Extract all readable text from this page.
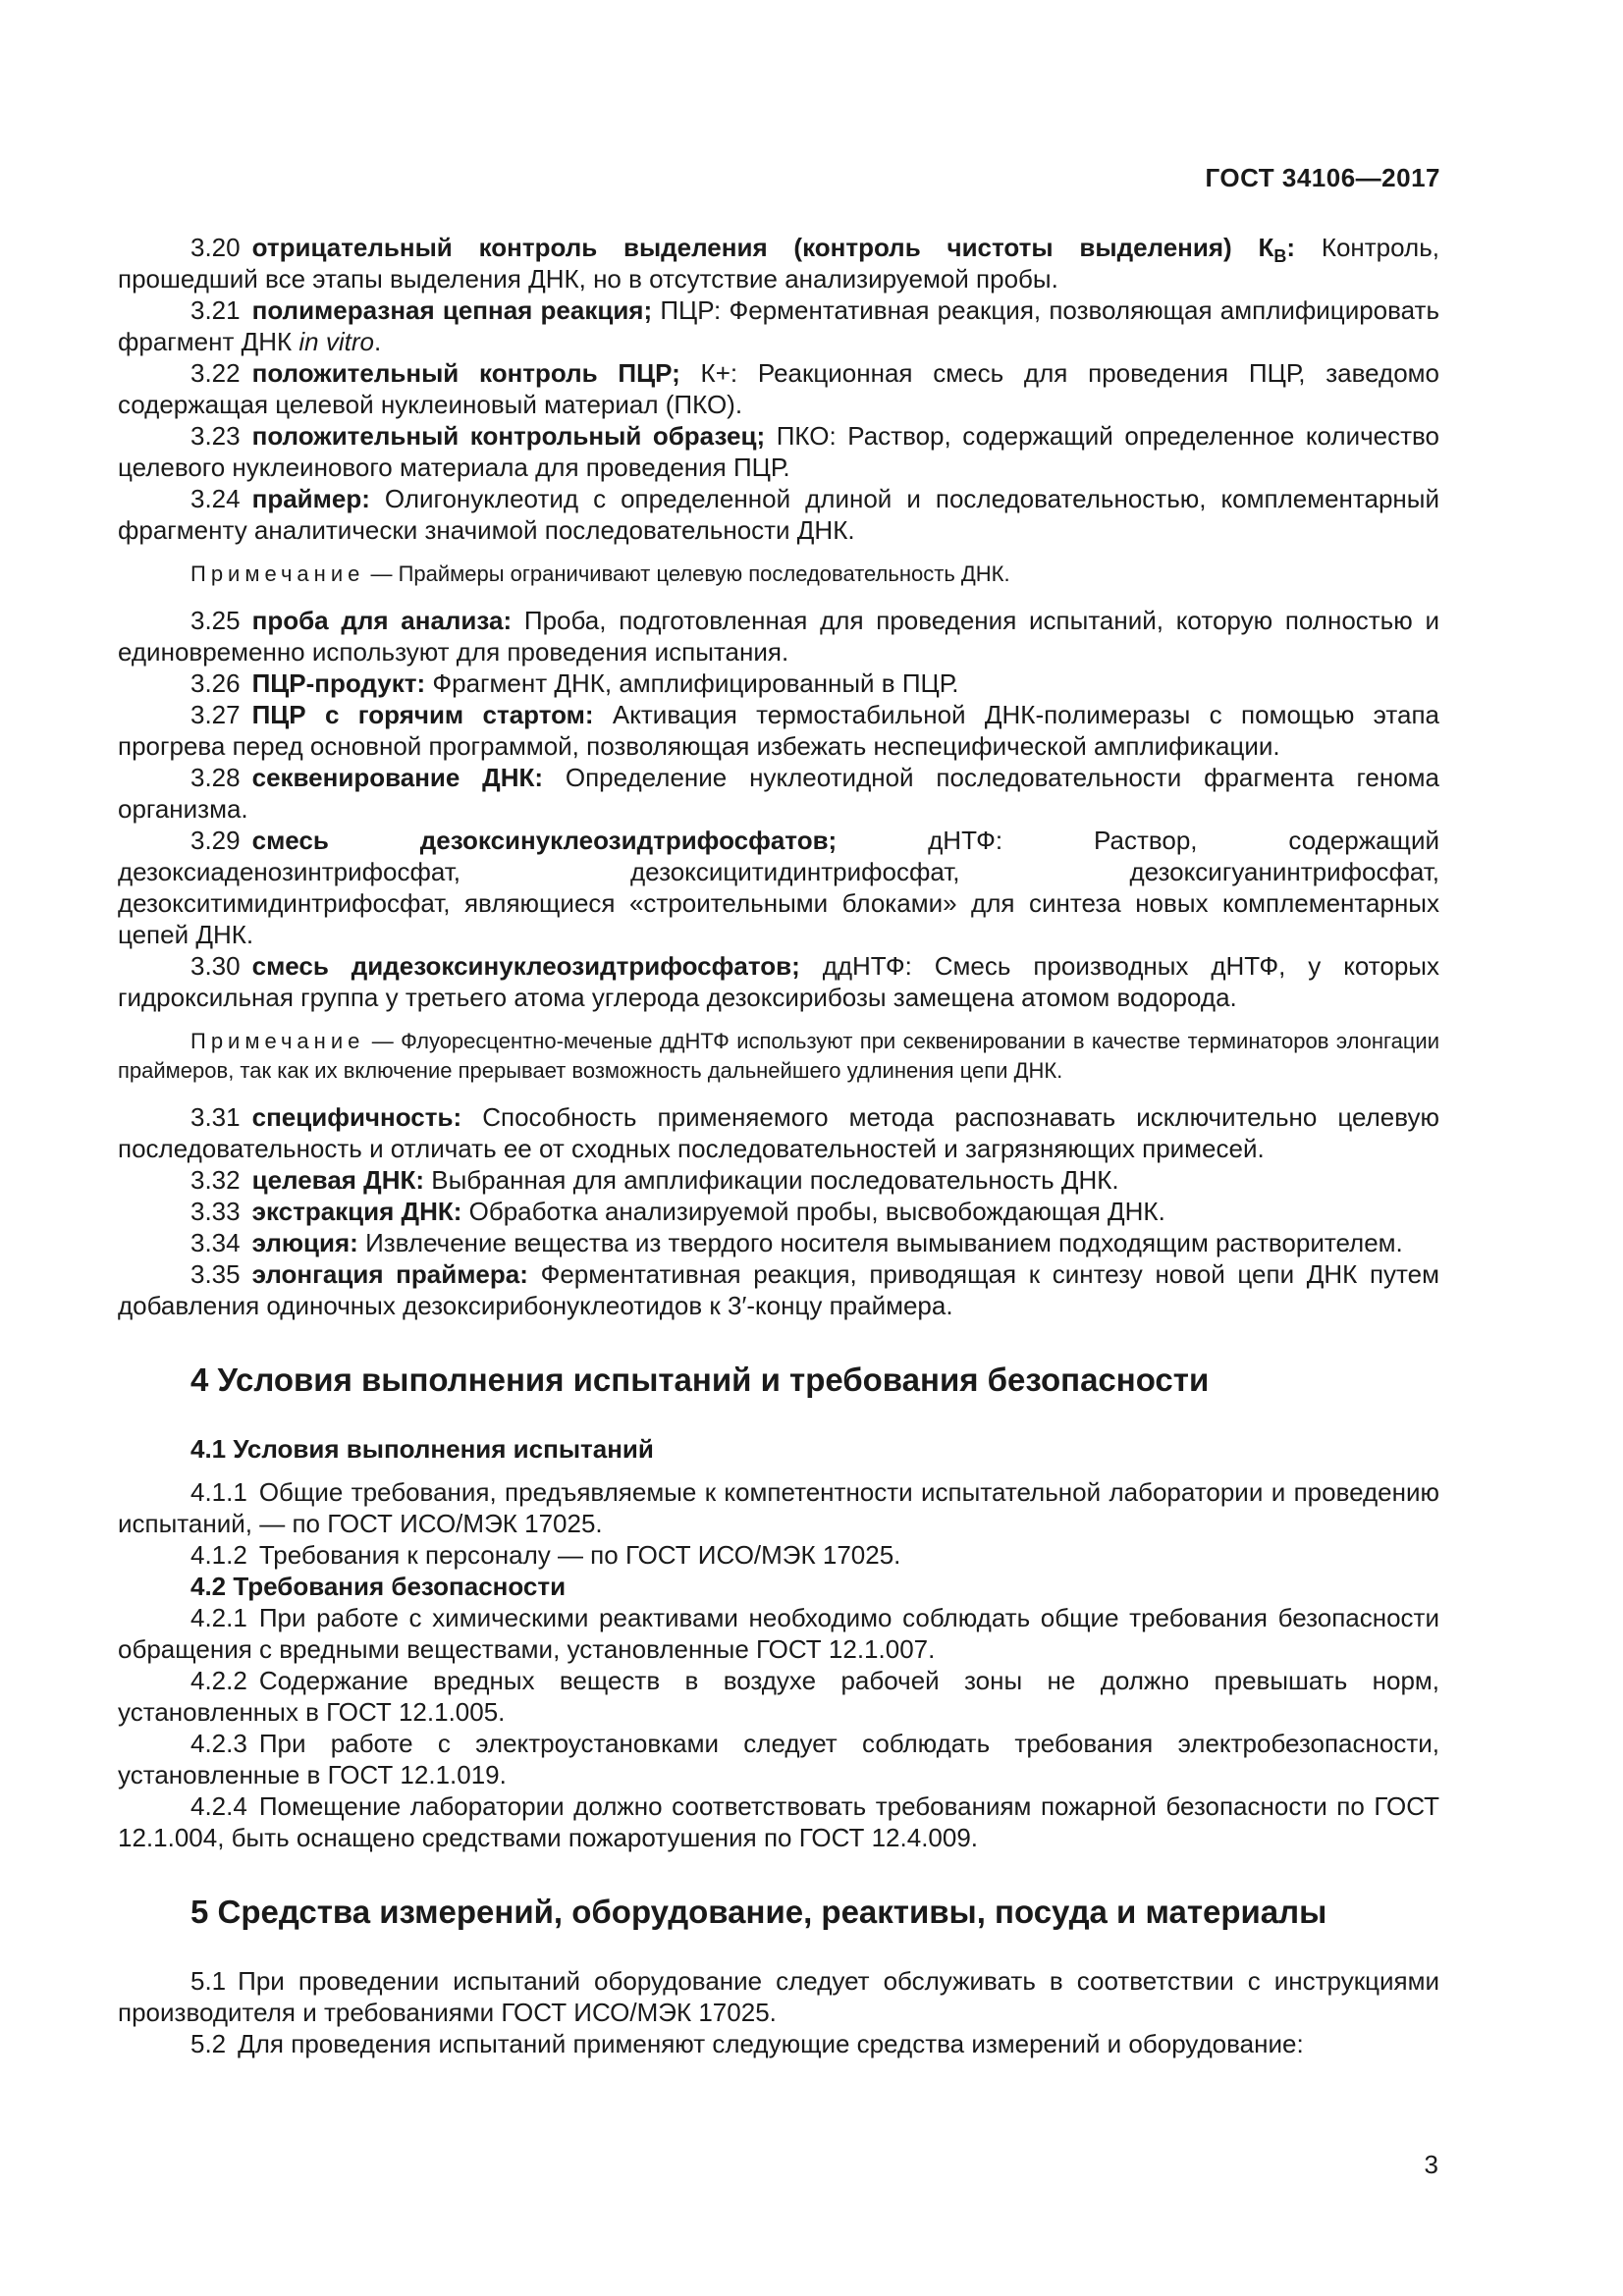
ГОСТ 34106—2017

3.20 отрицательный контроль выделения (контроль чистоты выделения) $К_В$: Контроль, прошедший все этапы выделения ДНК, но в отсутствие анализируемой пробы.

3.21 полимеразная цепная реакция; ПЦР: Ферментативная реакция, позволяющая амплифицировать фрагмент ДНК in vitro.

3.22 положительный контроль ПЦР; К+: Реакционная смесь для проведения ПЦР, заведомо содержащая целевой нуклеиновый материал (ПКО).

3.23 положительный контрольный образец; ПКО: Раствор, содержащий определенное количество целевого нуклеинового материала для проведения ПЦР.

3.24 праймер: Олигонуклеотид с определенной длиной и последовательностью, комплементарный фрагменту аналитически значимой последовательности ДНК.

Примечание — Праймеры ограничивают целевую последовательность ДНК.

3.25 проба для анализа: Проба, подготовленная для проведения испытаний, которую полностью и единовременно используют для проведения испытания.

3.26 ПЦР-продукт: Фрагмент ДНК, амплифицированный в ПЦР.

3.27 ПЦР с горячим стартом: Активация термостабильной ДНК-полимеразы с помощью этапа прогрева перед основной программой, позволяющая избежать неспецифической амплификации.

3.28 секвенирование ДНК: Определение нуклеотидной последовательности фрагмента генома организма.

3.29 смесь дезоксинуклеозидтрифосфатов;	дНТФ: Раствор, содержащий дезоксиаденозинтрифосфат, дезоксицитидинтрифосфат, дезоксигуанинтрифосфат, дезокситимидинтрифосфат, являющиеся «строительными блоками» для синтеза новых комплементарных цепей ДНК.

3.30 смесь дидезоксинуклеозидтрифосфатов; ддНТФ: Смесь производных дНТФ, у которых гидроксильная группа у третьего атома углерода дезоксирибозы замещена атомом водорода.

Примечание — Флуоресцентно-меченые ддНТФ используют при секвенировании в качестве терминаторов элонгации праймеров, так как их включение прерывает возможность дальнейшего удлинения цепи ДНК.

3.31 специфичность: Способность применяемого метода распознавать исключительно целевую последовательность и отличать ее от сходных последовательностей и загрязняющих примесей.

3.32 целевая ДНК: Выбранная для амплификации последовательность ДНК.

3.33 экстракция ДНК: Обработка анализируемой пробы, высвобождающая ДНК.

3.34 элюция: Извлечение вещества из твердого носителя вымыванием подходящим растворителем.

3.35 элонгация праймера: Ферментативная реакция, приводящая к синтезу новой цепи ДНК путем добавления одиночных дезоксирибонуклеотидов к 3′-концу праймера.

4 Условия выполнения испытаний и требования безопасности
4.1 Условия выполнения испытаний

4.1.1 Общие требования, предъявляемые к компетентности испытательной лаборатории и проведению испытаний, — по ГОСТ ИСО/МЭК 17025.

4.1.2 Требования к персоналу — по ГОСТ ИСО/МЭК 17025.

4.2 Требования безопасности

4.2.1 При работе с химическими реактивами необходимо соблюдать общие требования безопасности обращения с вредными веществами, установленные ГОСТ 12.1.007.

4.2.2 Содержание вредных веществ в воздухе рабочей зоны не должно превышать норм, установленных в ГОСТ 12.1.005.

4.2.3 При работе с электроустановками следует соблюдать требования электробезопасности, установленные в ГОСТ 12.1.019.

4.2.4 Помещение лаборатории должно соответствовать требованиям пожарной безопасности по ГОСТ 12.1.004, быть оснащено средствами пожаротушения по ГОСТ 12.4.009.

5 Средства измерений, оборудование, реактивы, посуда и материалы

5.1 При проведении испытаний оборудование следует обслуживать в соответствии с инструкциями производителя и требованиями ГОСТ ИСО/МЭК 17025.

5.2 Для проведения испытаний применяют следующие средства измерений и оборудование:

3
